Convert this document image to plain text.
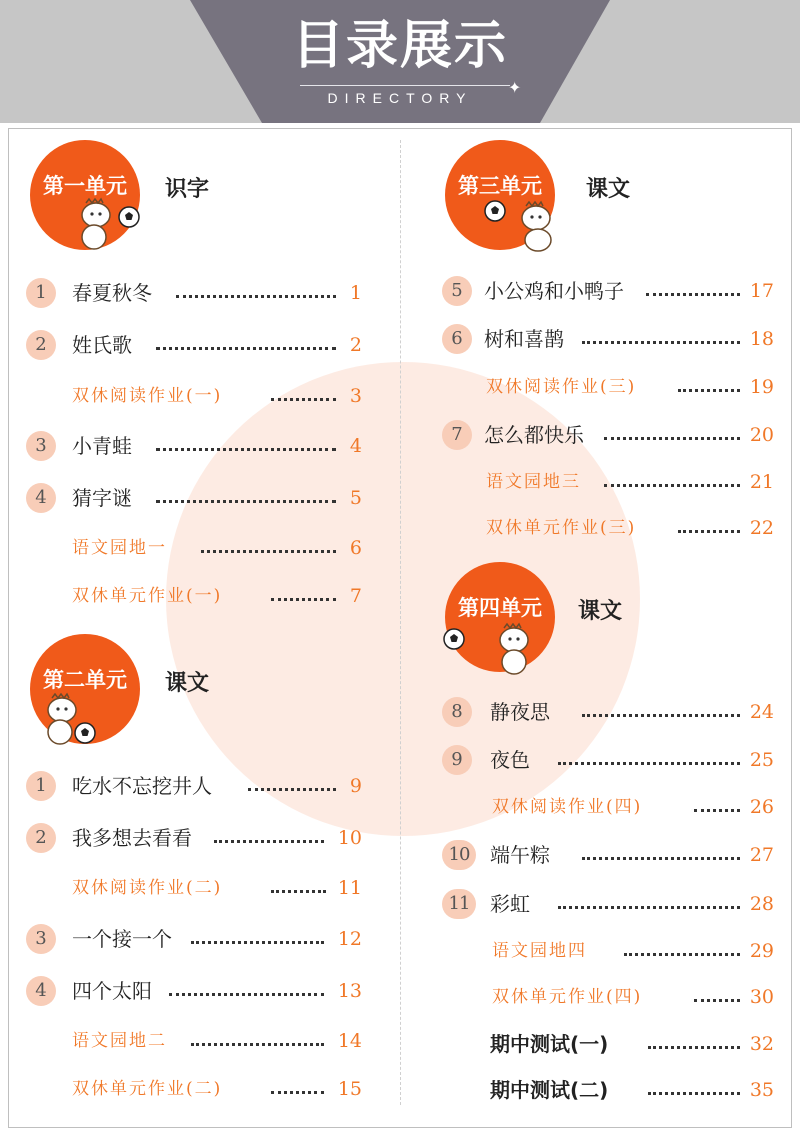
目录展示
✦
DIRECTORY
第一单元	识字
第二单元	课文
第三单元	课文
第四单元	课文
1	春夏秋冬	1
2	姓氏歌	2
双休阅读作业(一)	3
3	小青蛙	4
4	猜字谜	5
语文园地一	6
双休单元作业(一)	7
1	吃水不忘挖井人	9
2	我多想去看看	10
双休阅读作业(二)	11
3	一个接一个	12
4	四个太阳	13
语文园地二	14
双休单元作业(二)	15
5	小公鸡和小鸭子	17
6	树和喜鹊	18
双休阅读作业(三)	19
7	怎么都快乐	20
语文园地三	21
双休单元作业(三)	22
8	静夜思	24
9	夜色	25
双休阅读作业(四)	26
10	端午粽	27
11	彩虹	28
语文园地四	29
双休单元作业(四)	30
期中测试(一)	32
期中测试(二)	35
